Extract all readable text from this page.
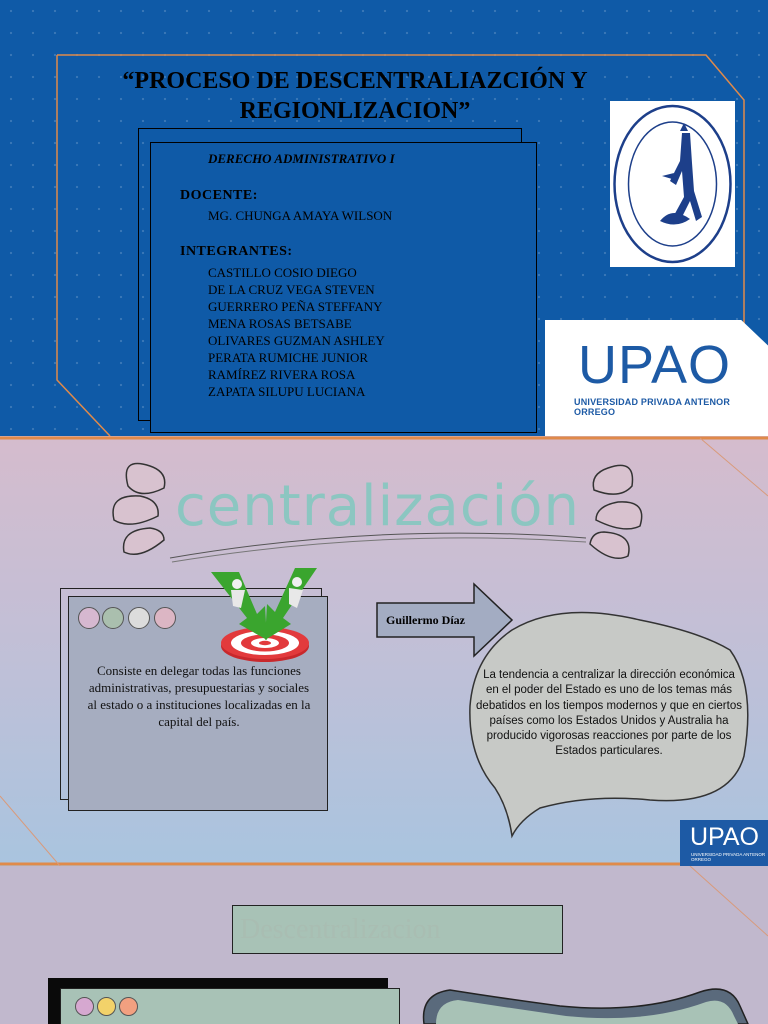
“PROCESO DE DESCENTRALIAZCIÓN Y
REGIONLIZACION”
DERECHO ADMINISTRATIVO I
DOCENTE:
MG. CHUNGA AMAYA WILSON
INTEGRANTES:
CASTILLO COSIO DIEGO
DE LA CRUZ VEGA STEVEN
GUERRERO PEÑA STEFFANY
MENA ROSAS BETSABE
OLIVARES GUZMAN ASHLEY
PERATA RUMICHE JUNIOR
RAMÍREZ RIVERA ROSA
ZAPATA SILUPU LUCIANA	UPAO
UNIVERSIDAD PRIVADA ANTENOR ORREGO
centralización
Consiste en delegar todas las funciones administrativas, presupuestarias y sociales al estado o a instituciones localizadas en la capital del país.
Guillermo Díaz
La tendencia a centralizar la dirección económica en el poder del Estado es uno de los temas más debatidos en los tiempos modernos y que en ciertos países como los Estados Unidos y Australia ha producido vigorosas reacciones por parte de los Estados particulares.
UPAO
UNIVERSIDAD PRIVADA ANTENOR ORREGO
Descentralizacion
